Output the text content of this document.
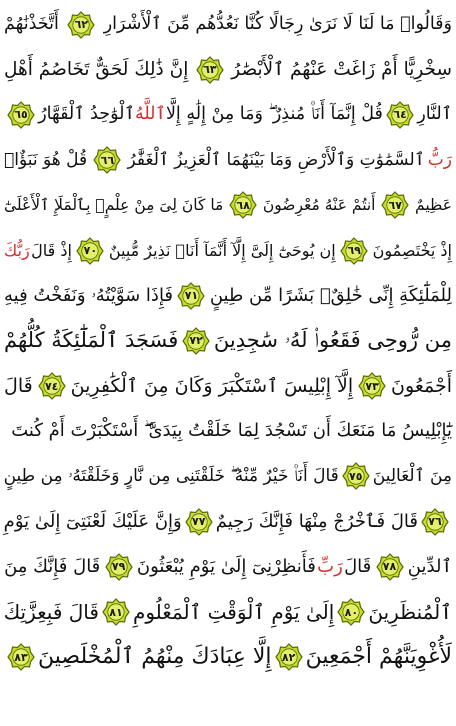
وَقَالُوا۟ مَا لَنَا لَا نَرَىٰ رِجَالًا كُنَّا نَعُدُّهُم مِّنَ ٱلْأَشْرَارِ
٦٢
أَتَّخَذْنَٰهُمْ
سِخْرِيًّا أَمْ زَاغَتْ عَنْهُمُ ٱلْأَبْصَٰرُ
٦٣
إِنَّ ذَٰلِكَ لَحَقٌّ تَخَاصُمُ أَهْلِ
ٱلنَّارِ
٦٤
قُلْ إِنَّمَآ أَنَا۠ مُنذِرٌ ۖ وَمَا مِنْ إِلَٰهٍ إِلَّا
ٱللَّهُ
ٱلْوَٰحِدُ ٱلْقَهَّارُ
٦٥
رَبُّ
ٱلسَّمَٰوَٰتِ وَٱلْأَرْضِ وَمَا بَيْنَهُمَا ٱلْعَزِيزُ ٱلْغَفَّٰرُ
٦٦
قُلْ هُوَ نَبَؤٌا۟
عَظِيمٌ
٦٧
أَنتُمْ عَنْهُ مُعْرِضُونَ
٦٨
مَا كَانَ لِىَ مِنْ عِلْمٍۭ بِٱلْمَلَإِ ٱلْأَعْلَىٰٓ
إِذْ يَخْتَصِمُونَ
٦٩
إِن يُوحَىٰٓ إِلَىَّ إِلَّآ أَنَّمَآ أَنَا۠ نَذِيرٌ مُّبِينٌ
٧٠
إِذْ قَالَ
رَبُّكَ
لِلْمَلَٰٓئِكَةِ إِنِّى خَٰلِقٌۢ بَشَرًا مِّن طِينٍ
٧١
فَإِذَا سَوَّيْتُهُۥ وَنَفَخْتُ فِيهِ
مِن رُّوحِى فَقَعُوا۟ لَهُۥ سَٰجِدِينَ
٧٢
فَسَجَدَ ٱلْمَلَٰٓئِكَةُ كُلُّهُمْ
أَجْمَعُونَ
٧٣
إِلَّآ إِبْلِيسَ ٱسْتَكْبَرَ وَكَانَ مِنَ ٱلْكَٰفِرِينَ
٧٤
قَالَ
يَٰٓإِبْلِيسُ مَا مَنَعَكَ أَن تَسْجُدَ لِمَا خَلَقْتُ بِيَدَىَّ ۖ أَسْتَكْبَرْتَ أَمْ كُنتَ
مِنَ ٱلْعَالِينَ
٧٥
قَالَ أَنَا۠ خَيْرٌ مِّنْهُ ۖ خَلَقْتَنِى مِن نَّارٍ وَخَلَقْتَهُۥ مِن طِينٍ
٧٦
قَالَ فَٱخْرُجْ مِنْهَا فَإِنَّكَ رَجِيمٌ
٧٧
وَإِنَّ عَلَيْكَ لَعْنَتِىٓ إِلَىٰ يَوْمِ
ٱلدِّينِ
٧٨
قَالَ
رَبِّ
فَأَنظِرْنِىٓ إِلَىٰ يَوْمِ يُبْعَثُونَ
٧٩
قَالَ فَإِنَّكَ مِنَ
ٱلْمُنظَرِينَ
٨٠
إِلَىٰ يَوْمِ ٱلْوَقْتِ ٱلْمَعْلُومِ
٨١
قَالَ فَبِعِزَّتِكَ
لَأُغْوِيَنَّهُمْ أَجْمَعِينَ
٨٢
إِلَّا عِبَادَكَ مِنْهُمُ ٱلْمُخْلَصِينَ
٨٣
